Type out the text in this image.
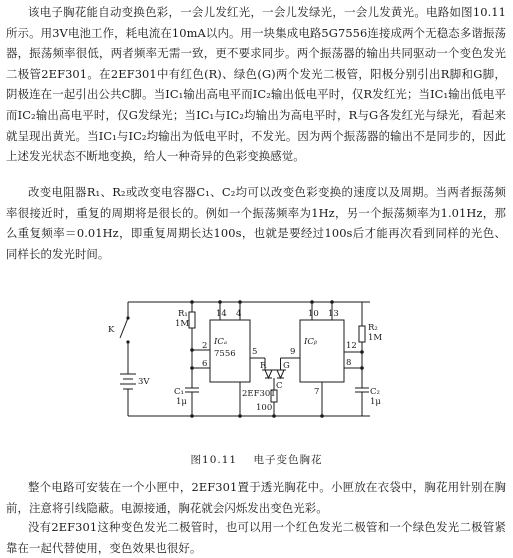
该电子胸花能自动变换色彩，一会儿发红光，一会儿发绿光，一会儿发黄光。电路如图10.11所示。用3V电池工作，耗电流在10mA以内。用一块集成电路5G7556连接成两个无稳态多谐振荡器，振荡频率很低，两者频率无需一致，更不要求同步。两个振荡器的输出共同驱动一个变色发光二极管2EF301。在2EF301中有红色(R)、绿色(G)两个发光二极管，阳极分别引出R脚和G脚，阴极连在一起引出公共C脚。当IC₁输出高电平而IC₂输出低电平时，仅R发红光；当IC₁输出低电平而IC₂输出高电平时，仅G发绿光；当IC₁与IC₂均输出为高电平时，R与G各发红光与绿光，看起来就呈现出黄光。当IC₁与IC₂均输出为低电平时，不发光。因为两个振荡器的输出不是同步的，因此上述发光状态不断地变换，给人一种奇异的色彩变换感觉。

改变电阻器R₁、R₂或改变电容器C₁、C₂均可以改变色彩变换的速度以及周期。当两者振荡频率很接近时，重复的周期将是很长的。例如一个振荡频率为1Hz，另一个振荡频率为1.01Hz，那么重复频率＝0.01Hz，即重复周期长达100s，也就是要经过100s后才能再次看到同样的光色、同样长的发光时间。

K
3V
R₁
1M
C₁
1μ
ICₐ
7556
14 4
2
6
5
R G
C
2EF301
100
9
ICᵦ
10 13
12
8
7
R₂
1M
C₂
1μ
图10.11 电子变色胸花

整个电路可安装在一个小匣中，2EF301置于透光胸花中。小匣放在衣袋中，胸花用针别在胸前，注意将引线隐蔽。电源接通，胸花就会闪烁发出变色光彩。

没有2EF301这种变色发光二极管时，也可以用一个红色发光二极管和一个绿色发光二极管紧靠在一起代替使用，变色效果也很好。
